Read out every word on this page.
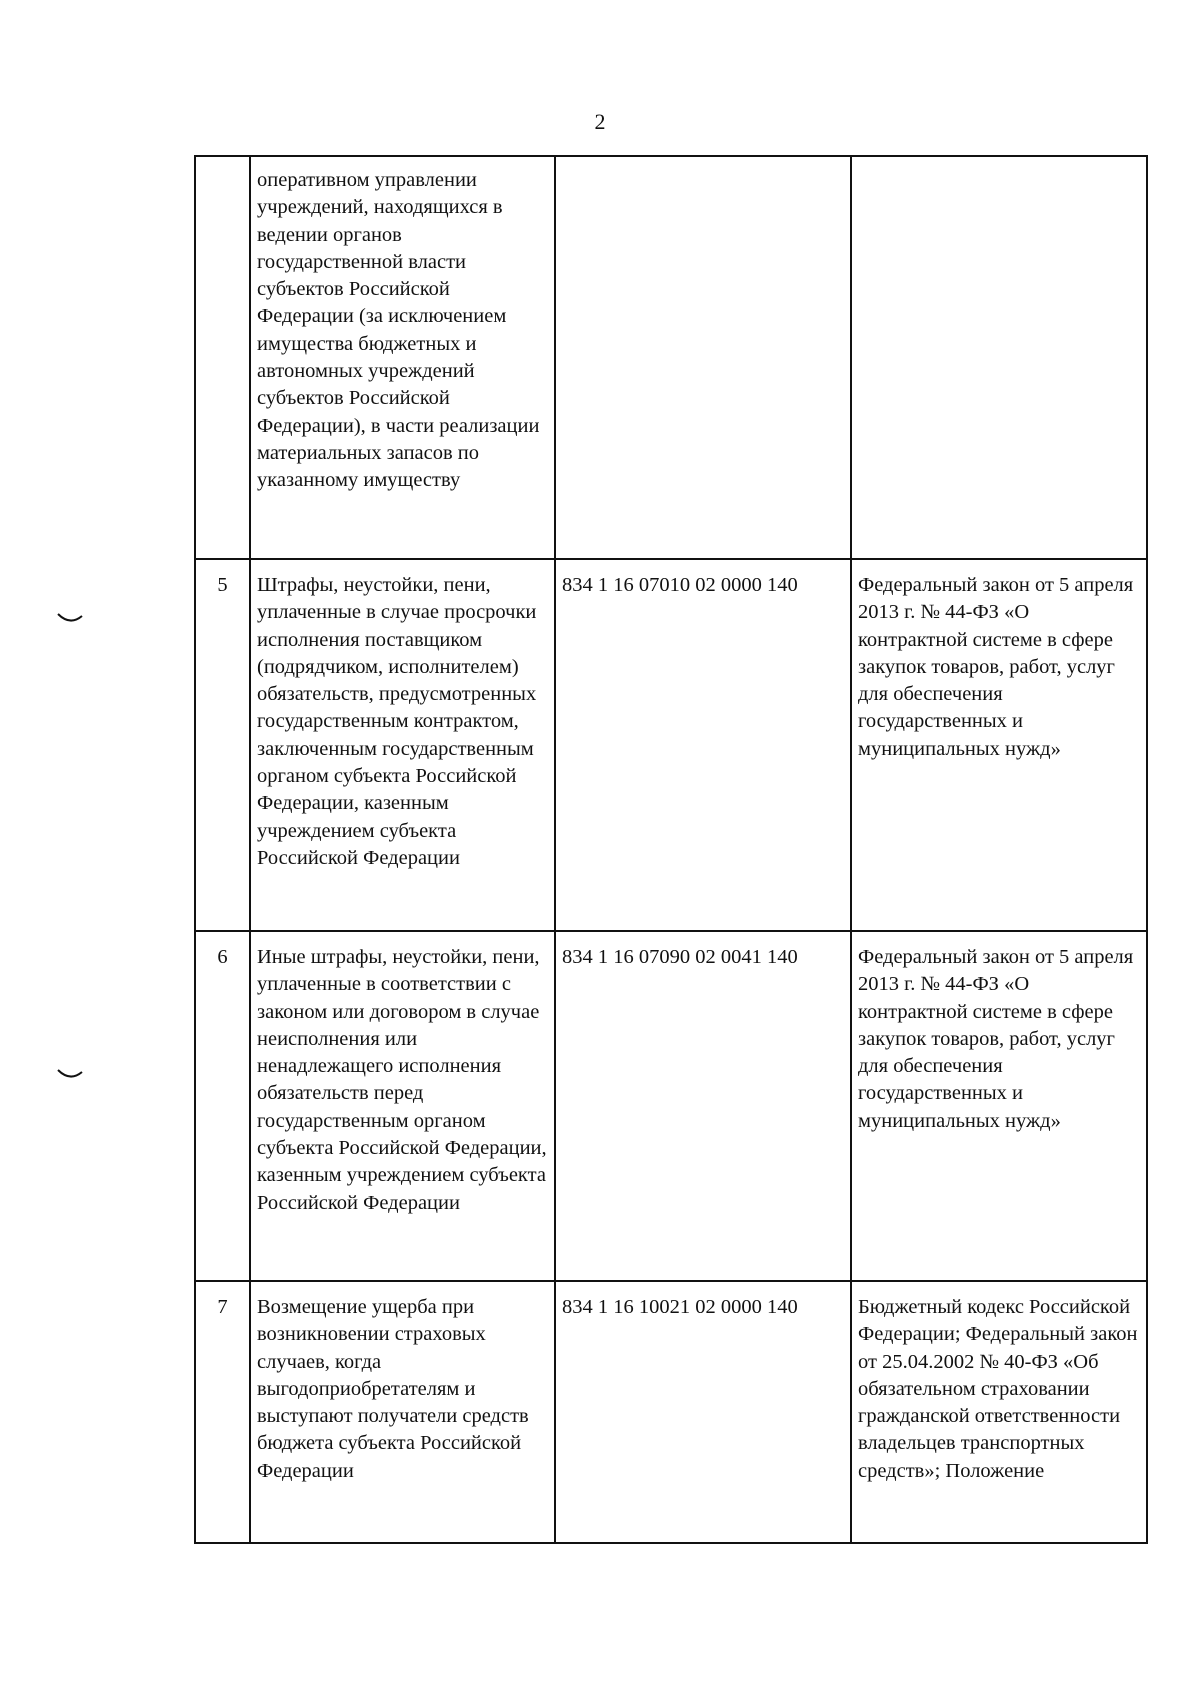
2
	оперативном управлении учреждений, находящихся в ведении органов государственной власти субъектов Российской Федерации (за исключением имущества бюджетных и автономных учреждений субъектов Российской Федерации), в части реализации материальных запасов по указанному имуществу		
5	Штрафы, неустойки, пени, уплаченные в случае просрочки исполнения поставщиком (подрядчиком, исполнителем) обязательств, предусмотренных государственным контрактом, заключенным государственным органом субъекта Российской Федерации, казенным учреждением субъекта Российской Федерации	834 1 16 07010 02 0000 140	Федеральный закон от 5 апреля 2013 г. № 44-ФЗ «О контрактной системе в сфере закупок товаров, работ, услуг для обеспечения государственных и муниципальных нужд»
6	Иные штрафы, неустойки, пени, уплаченные в соответствии с законом или договором в случае неисполнения или ненадлежащего исполнения обязательств перед государственным органом субъекта Российской Федерации, казенным учреждением субъекта Российской Федерации	834 1 16 07090 02 0041 140	Федеральный закон от 5 апреля 2013 г. № 44-ФЗ «О контрактной системе в сфере закупок товаров, работ, услуг для обеспечения государственных и муниципальных нужд»
7	Возмещение ущерба при возникновении страховых случаев, когда выгодоприобретателям и выступают получатели средств бюджета субъекта Российской Федерации	834 1 16 10021 02 0000 140	Бюджетный кодекс Российской Федерации; Федеральный закон от 25.04.2002 № 40-ФЗ «Об обязательном страховании гражданской ответственности владельцев транспортных средств»; Положение
